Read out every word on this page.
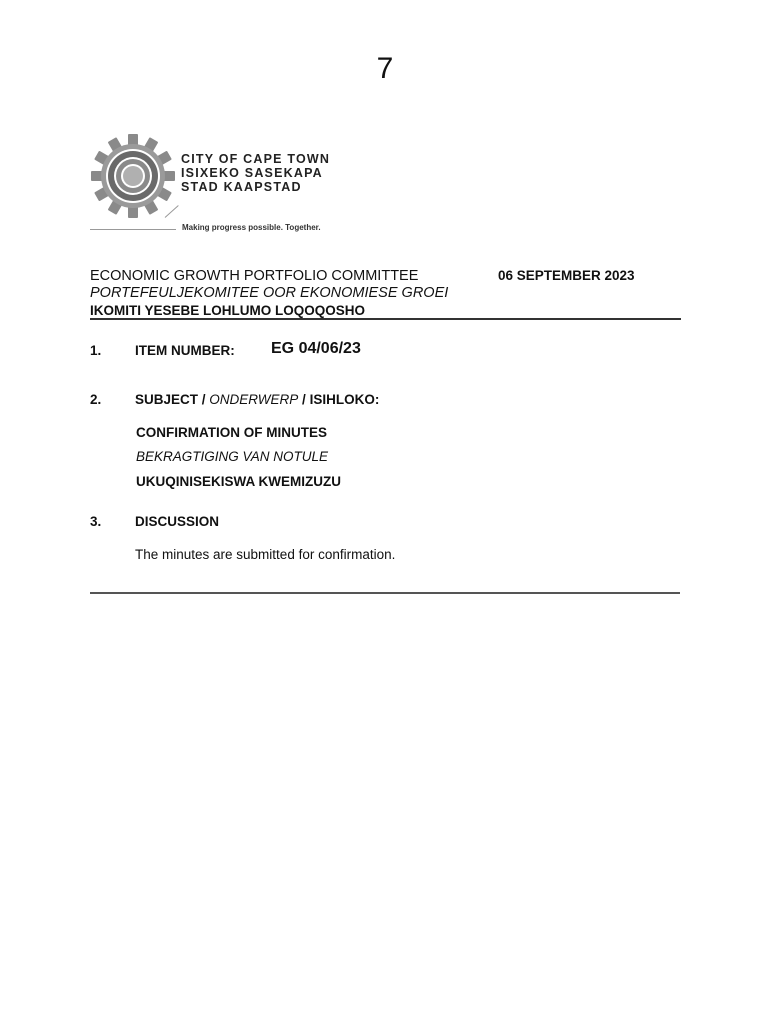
7
CITY OF CAPE TOWN
ISIXEKO SASEKAPA
STAD KAAPSTAD
Making progress possible. Together.
ECONOMIC GROWTH PORTFOLIO COMMITTEE
PORTEFEULJEKOMITEE OOR EKONOMIESE GROEI
IKOMITI YESEBE LOHLUMO LOQOQOSHO
06 SEPTEMBER 2023
1. ITEM NUMBER: EG 04/06/23
2. SUBJECT / ONDERWERP / ISIHLOKO:
CONFIRMATION OF MINUTES
BEKRAGTIGING VAN NOTULE
UKUQINISEKISWA KWEMIZUZU
3. DISCUSSION
The minutes are submitted for confirmation.
